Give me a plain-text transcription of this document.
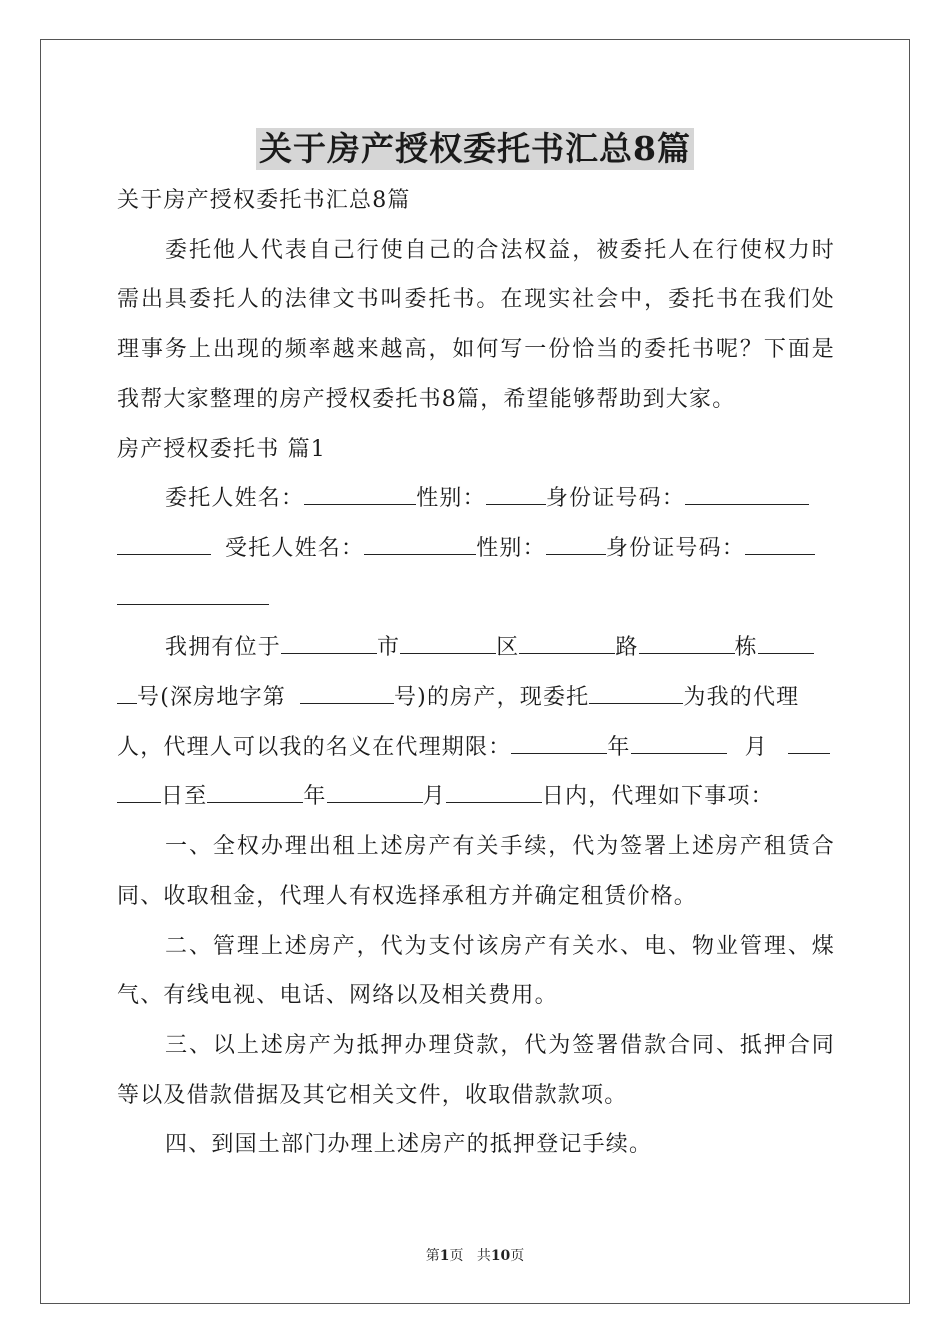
关于房产授权委托书汇总8篇
关于房产授权委托书汇总8篇
委托他人代表自己行使自己的合法权益，被委托人在行使权力时
需出具委托人的法律文书叫委托书。在现实社会中，委托书在我们处
理事务上出现的频率越来越高，如何写一份恰当的委托书呢？下面是
我帮大家整理的房产授权委托书8篇，希望能够帮助到大家。
房产授权委托书 篇1
委托人姓名：	性别：	身份证号码：
受托人姓名：	性别：	身份证号码：
我拥有位于	市	区	路	栋
号(深房地字第	号)的房产，现委托	为我的代理
人，代理人可以我的名义在代理期限：	年	月
日至	年	月	日内，代理如下事项：
一、全权办理出租上述房产有关手续，代为签署上述房产租赁合
同、收取租金，代理人有权选择承租方并确定租赁价格。
二、管理上述房产，代为支付该房产有关水、电、物业管理、煤
气、有线电视、电话、网络以及相关费用。
三、以上述房产为抵押办理贷款，代为签署借款合同、抵押合同
等以及借款借据及其它相关文件，收取借款款项。
四、到国土部门办理上述房产的抵押登记手续。
第1页 共10页
